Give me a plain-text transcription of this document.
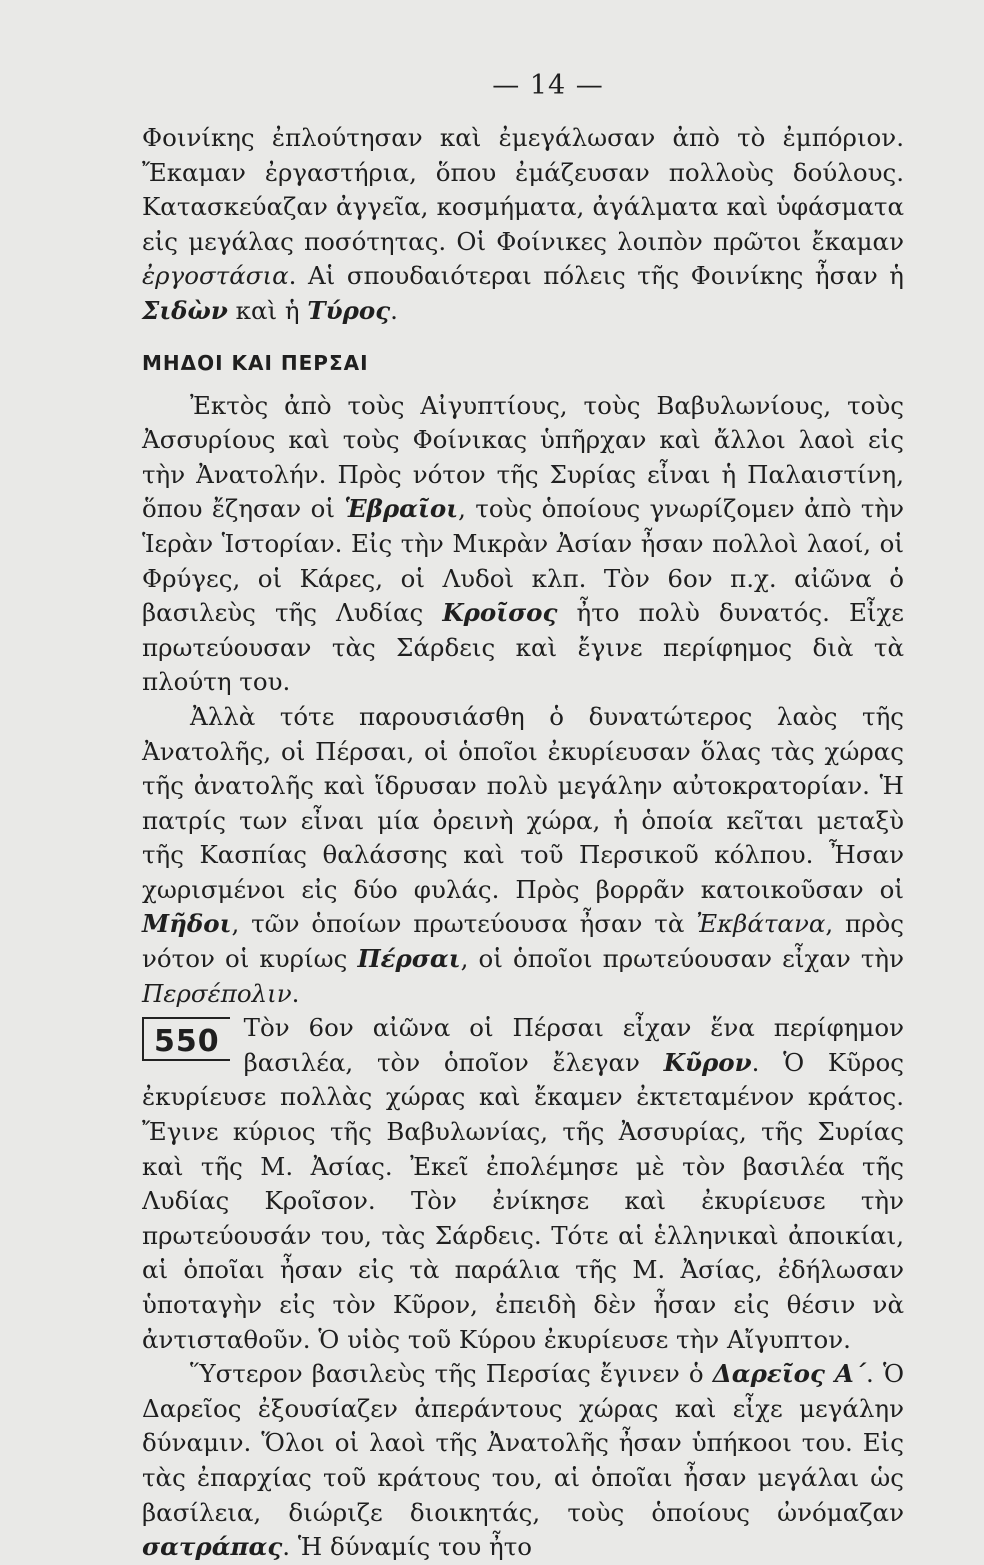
— 14 —

Φοινίκης ἐπλούτησαν καὶ ἐμεγάλωσαν ἀπὸ τὸ ἐμπόριον. Ἔκαμαν ἐργαστήρια, ὅπου ἐμάζευσαν πολλοὺς δούλους. Κατασκεύαζαν ἀγγεῖα, κοσμήματα, ἀγάλματα καὶ ὑφάσματα εἰς μεγάλας ποσότητας. Οἱ Φοίνικες λοιπὸν πρῶτοι ἔκαμαν ἐργοστάσια. Αἱ σπουδαιότεραι πόλεις τῆς Φοινίκης ἦσαν ἡ Σιδὼν καὶ ἡ Τύρος.

ΜΗΔΟΙ ΚΑΙ ΠΕΡΣΑΙ

Ἐκτὸς ἀπὸ τοὺς Αἰγυπτίους, τοὺς Βαβυλωνίους, τοὺς Ἀσσυρίους καὶ τοὺς Φοίνικας ὑπῆρχαν καὶ ἄλλοι λαοὶ εἰς τὴν Ἀνατολήν. Πρὸς νότον τῆς Συρίας εἶναι ἡ Παλαιστίνη, ὅπου ἔζησαν οἱ Ἑβραῖοι, τοὺς ὁποίους γνωρίζομεν ἀπὸ τὴν Ἱερὰν Ἱστορίαν. Εἰς τὴν Μικρὰν Ἀσίαν ἦσαν πολλοὶ λαοί, οἱ Φρύγες, οἱ Κάρες, οἱ Λυδοὶ κλπ. Τὸν 6ον π.χ. αἰῶνα ὁ βασιλεὺς τῆς Λυδίας Κροῖσος ἦτο πολὺ δυνατός. Εἶχε πρωτεύουσαν τὰς Σάρδεις καὶ ἔγινε περίφημος διὰ τὰ πλούτη του.

Ἀλλὰ τότε παρουσιάσθη ὁ δυνατώτερος λαὸς τῆς Ἀνατολῆς, οἱ Πέρσαι, οἱ ὁποῖοι ἐκυρίευσαν ὅλας τὰς χώρας τῆς ἀνατολῆς καὶ ἵδρυσαν πολὺ μεγάλην αὐτοκρατορίαν. Ἡ πατρίς των εἶναι μία ὀρεινὴ χώρα, ἡ ὁποία κεῖται μεταξὺ τῆς Κασπίας θαλάσσης καὶ τοῦ Περσικοῦ κόλπου. Ἦσαν χωρισμένοι εἰς δύο φυλάς. Πρὸς βορρᾶν κατοικοῦσαν οἱ Μῆδοι, τῶν ὁποίων πρωτεύουσα ἦσαν τὰ Ἐκβάτανα, πρὸς νότον οἱ κυρίως Πέρσαι, οἱ ὁποῖοι πρωτεύουσαν εἶχαν τὴν Περσέπολιν.

550 Τὸν 6ον αἰῶνα οἱ Πέρσαι εἶχαν ἕνα περίφημον βασιλέα, τὸν ὁποῖον ἔλεγαν Κῦρον. Ὁ Κῦρος ἐκυρίευσε πολλὰς χώρας καὶ ἔκαμεν ἐκτεταμένον κράτος. Ἔγινε κύριος τῆς Βαβυλωνίας, τῆς Ἀσσυρίας, τῆς Συρίας καὶ τῆς Μ. Ἀσίας. Ἐκεῖ ἐπολέμησε μὲ τὸν βασιλέα τῆς Λυδίας Κροῖσον. Τὸν ἐνίκησε καὶ ἐκυρίευσε τὴν πρωτεύουσάν του, τὰς Σάρδεις. Τότε αἱ ἑλληνικαὶ ἀποικίαι, αἱ ὁποῖαι ἦσαν εἰς τὰ παράλια τῆς Μ. Ἀσίας, ἐδήλωσαν ὑποταγὴν εἰς τὸν Κῦρον, ἐπειδὴ δὲν ἦσαν εἰς θέσιν νὰ ἀντισταθοῦν. Ὁ υἱὸς τοῦ Κύρου ἐκυρίευσε τὴν Αἴγυπτον.

Ὕστερον βασιλεὺς τῆς Περσίας ἔγινεν ὁ Δαρεῖος Α΄. Ὁ Δαρεῖος ἐξουσίαζεν ἀπεράντους χώρας καὶ εἶχε μεγάλην δύναμιν. Ὅλοι οἱ λαοὶ τῆς Ἀνατολῆς ἦσαν ὑπήκοοι του. Εἰς τὰς ἐπαρχίας τοῦ κράτους του, αἱ ὁποῖαι ἦσαν μεγάλαι ὡς βασίλεια, διώριζε διοικητάς, τοὺς ὁποίους ὠνόμαζαν σατράπας. Ἡ δύναμίς του ἦτο
